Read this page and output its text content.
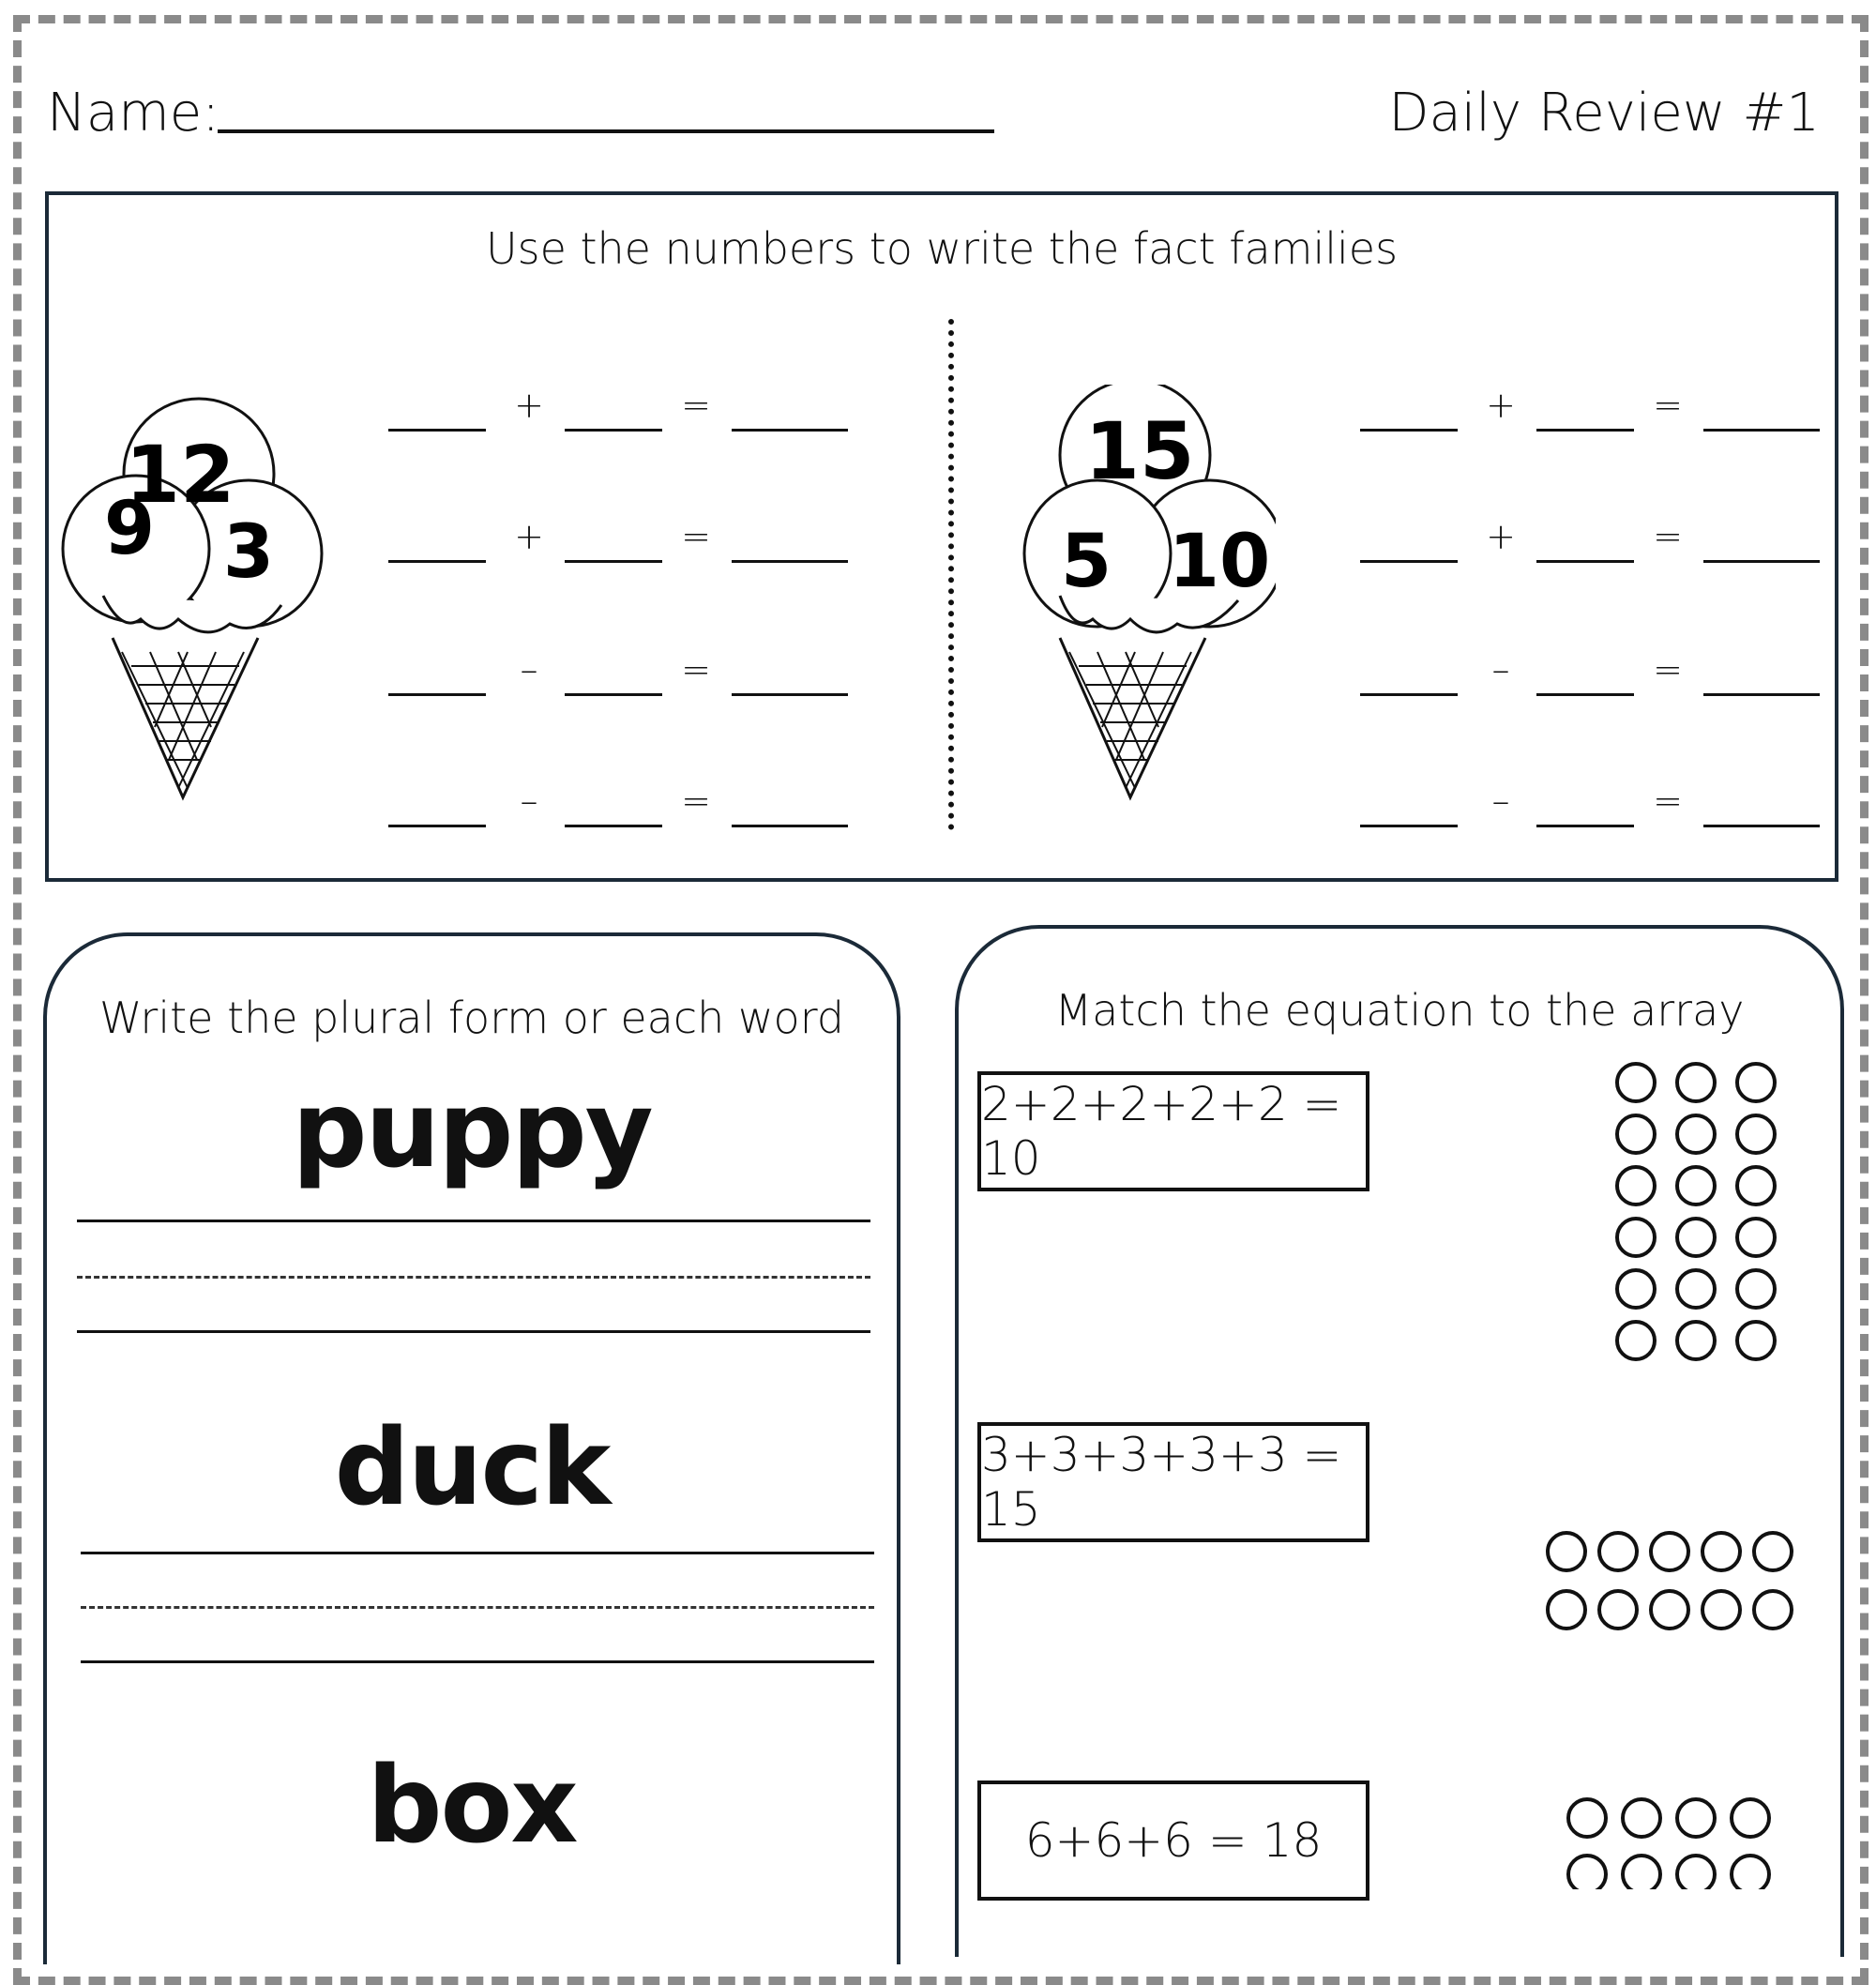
Name:	Daily Review #1
Use the numbers to write the fact families
12
9 3
15
5 10
+	=
+	=
–	=
–	=
+	=
+	=
–	=
–	=
Write the plural form or each word
puppy
duck
box
Match the equation to the array
2+2+2+2+2 = 10
3+3+3+3+3 = 15
6+6+6 = 18
